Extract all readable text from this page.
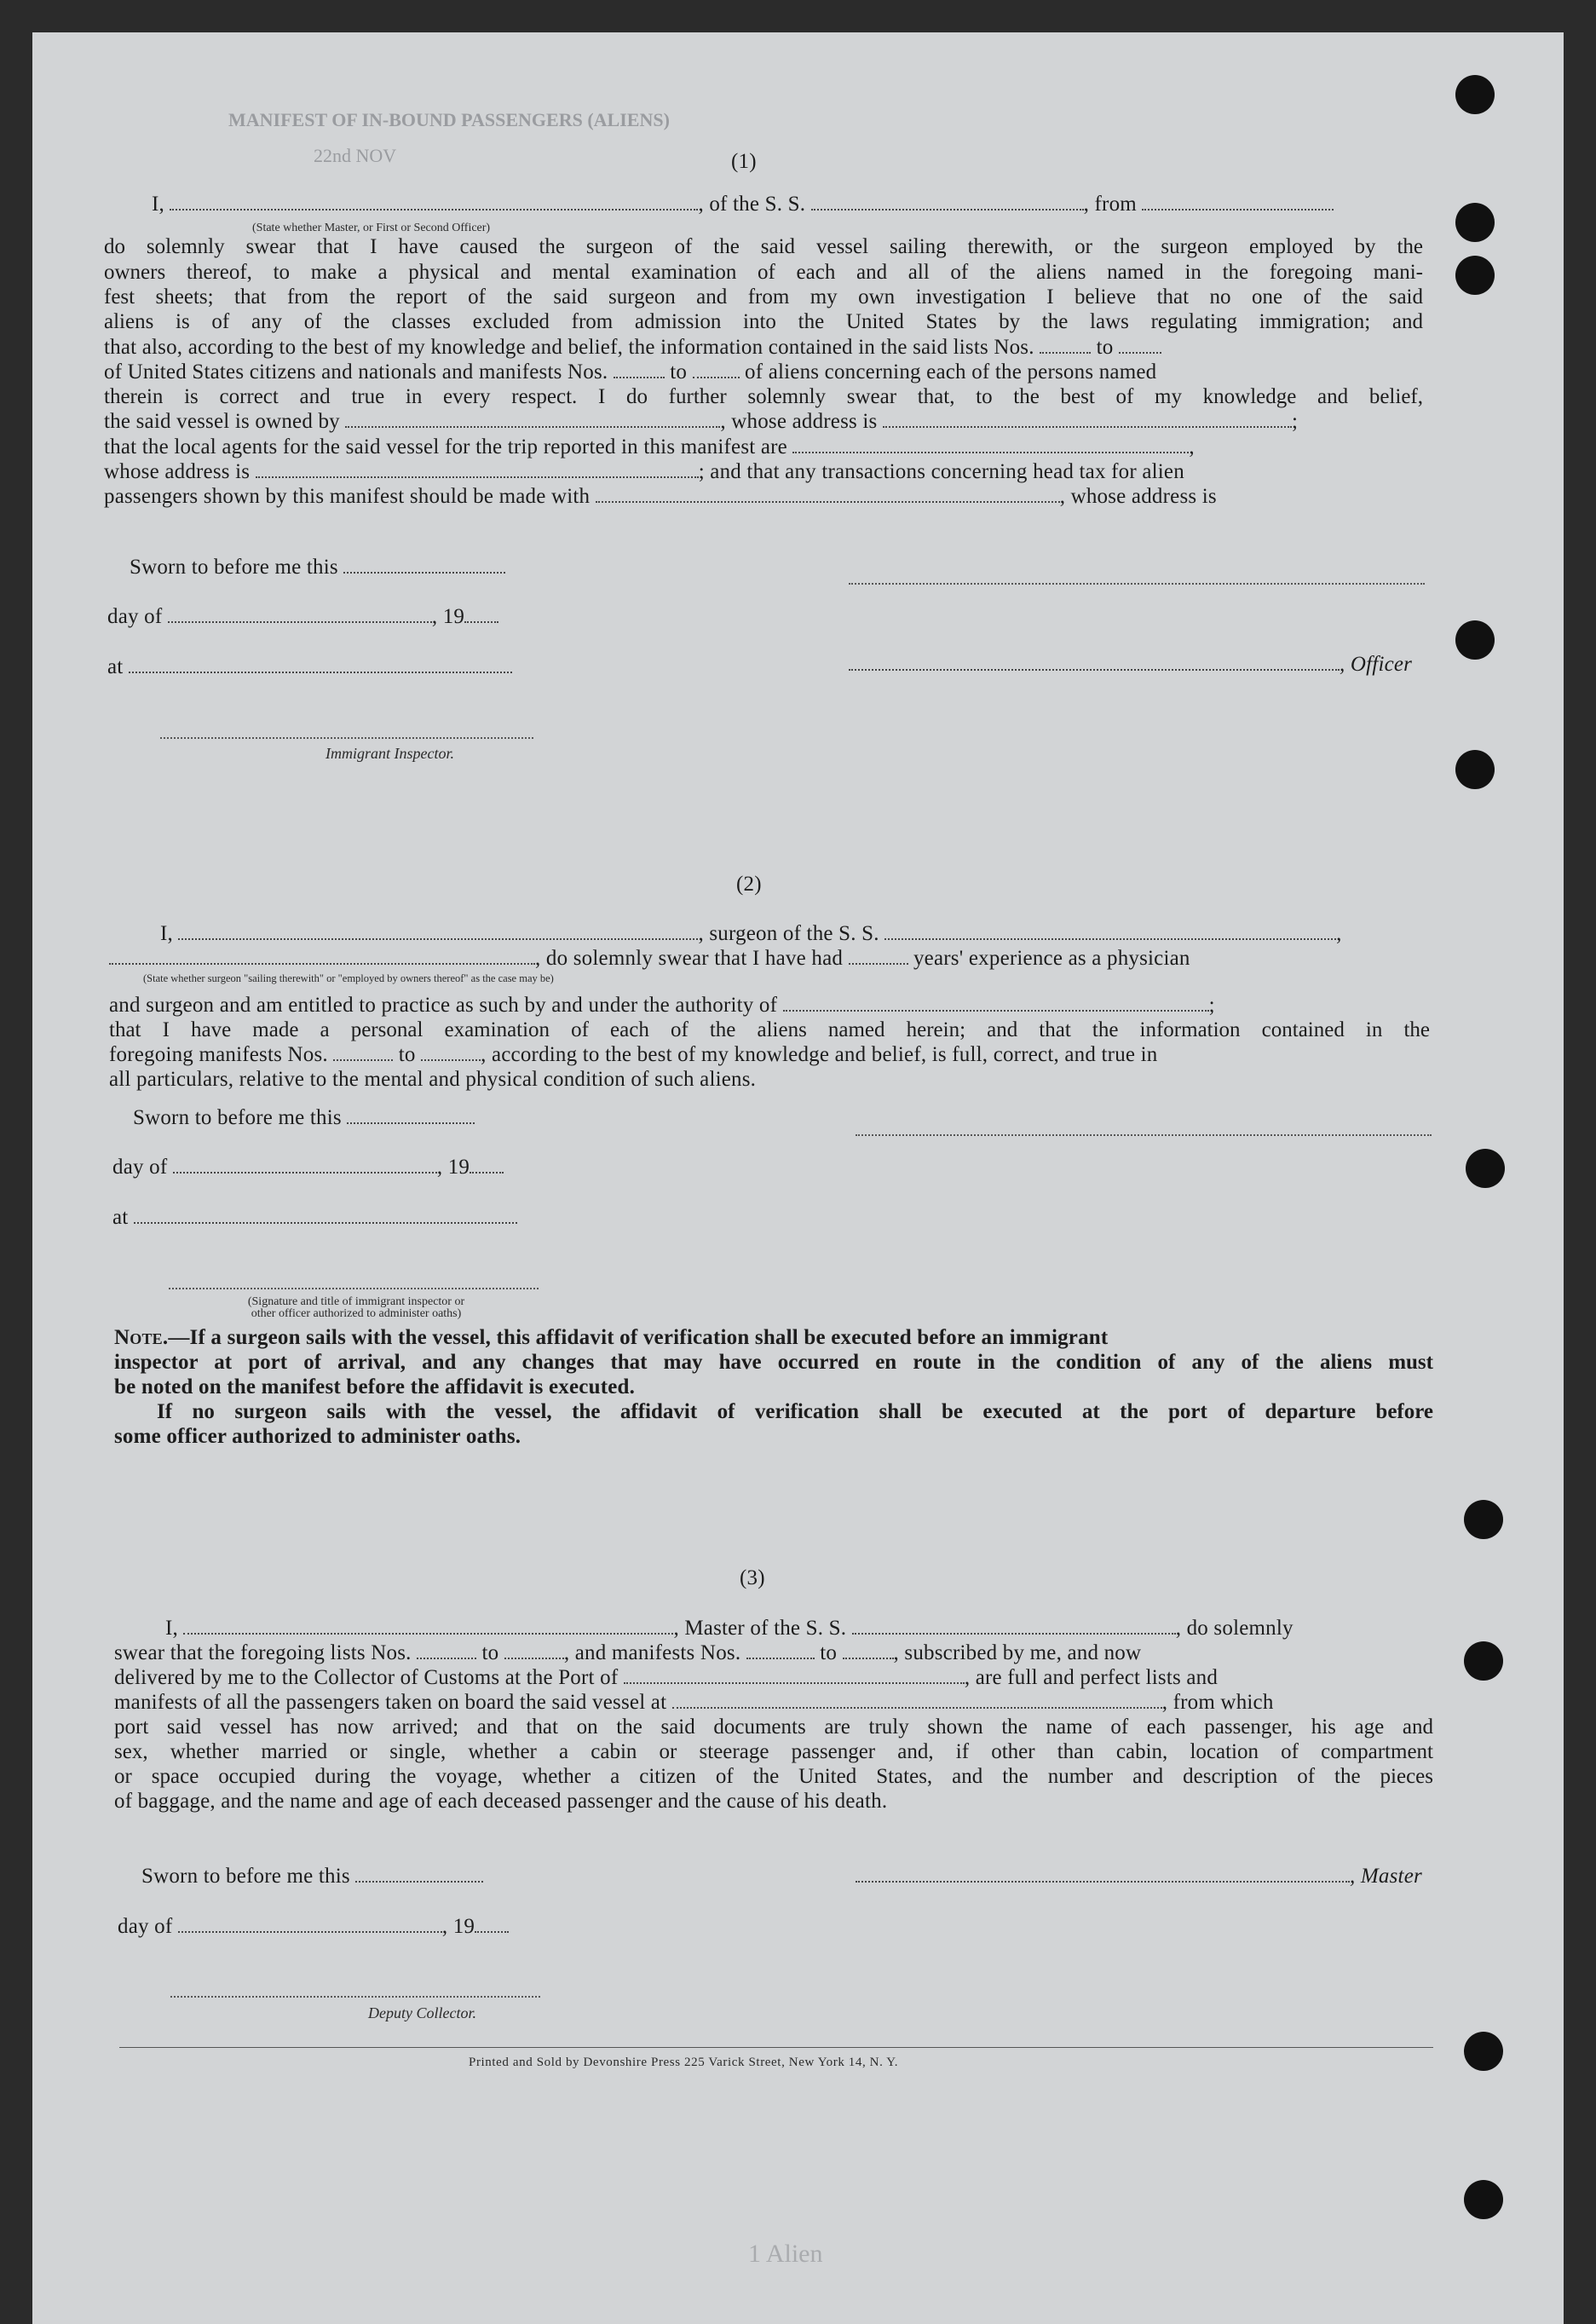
MANIFEST OF IN-BOUND PASSENGERS (ALIENS)
22nd NOV	(1)
I,	, of the S. S.	, from
(State whether Master, or First or Second Officer)
do solemnly swear that I have caused the surgeon of the said vessel sailing therewith, or the surgeon employed by the
owners thereof, to make a physical and mental examination of each and all of the aliens named in the foregoing mani-
fest sheets; that from the report of the said surgeon and from my own investigation I believe that no one of the said
aliens is of any of the classes excluded from admission into the United States by the laws regulating immigration; and
that also, according to the best of my knowledge and belief, the information contained in the said lists Nos.	to
of United States citizens and nationals and manifests Nos.	to	of aliens concerning each of the persons named
therein is correct and true in every respect. I do further solemnly swear that, to the best of my knowledge and belief,
the said vessel is owned by	, whose address is	;
that the local agents for the said vessel for the trip reported in this manifest are	,
whose address is	; and that any transactions concerning head tax for alien
passengers shown by this manifest should be made with	, whose address is
Sworn to before me this
day of	, 19
at	, Officer
Immigrant Inspector.
(2)
I,	, surgeon of the S. S.	,
, do solemnly swear that I have had	years' experience as a physician
(State whether surgeon "sailing therewith" or "employed by owners thereof" as the case may be)
and surgeon and am entitled to practice as such by and under the authority of	;
that I have made a personal examination of each of the aliens named herein; and that the information contained in the
foregoing manifests Nos.	to	, according to the best of my knowledge and belief, is full, correct, and true in
all particulars, relative to the mental and physical condition of such aliens.
Sworn to before me this
day of	, 19
at
(Signature and title of immigrant inspector or
other officer authorized to administer oaths)
Note.—If a surgeon sails with the vessel, this affidavit of verification shall be executed before an immigrant
inspector at port of arrival, and any changes that may have occurred en route in the condition of any of the aliens must
be noted on the manifest before the affidavit is executed.
If no surgeon sails with the vessel, the affidavit of verification shall be executed at the port of departure before
some officer authorized to administer oaths.
(3)
I,	, Master of the S. S.	, do solemnly
swear that the foregoing lists Nos.	to	, and manifests Nos.	to	, subscribed by me, and now
delivered by me to the Collector of Customs at the Port of	, are full and perfect lists and
manifests of all the passengers taken on board the said vessel at	, from which
port said vessel has now arrived; and that on the said documents are truly shown the name of each passenger, his age and
sex, whether married or single, whether a cabin or steerage passenger and, if other than cabin, location of compartment
or space occupied during the voyage, whether a citizen of the United States, and the number and description of the pieces
of baggage, and the name and age of each deceased passenger and the cause of his death.
Sworn to before me this	, Master
day of	, 19
Deputy Collector.
Printed and Sold by Devonshire Press 225 Varick Street, New York 14, N. Y.
1 Alien
